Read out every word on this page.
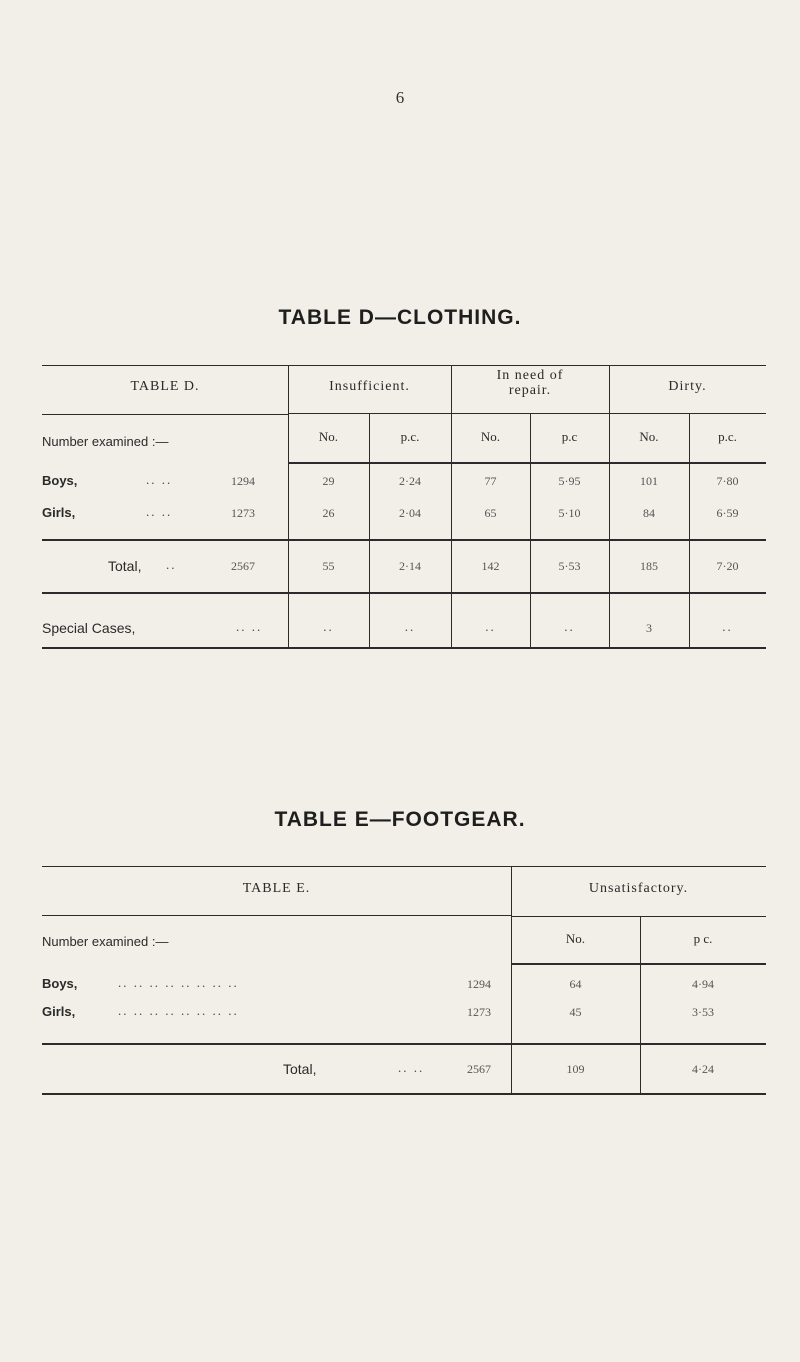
6
TABLE D—CLOTHING.
TABLE D.	Insufficient.
In need of repair.	Dirty.
Number examined :—	No.	p.c.	No.	p.c	No.	p.c.
Boys,	.. ..	1294	29	2·24	77	5·95	101	7·80
Girls,	.. ..	1273	26	2·04	65	5·10	84	6·59
Total, ..	2567	55	2·14	142	5·53	185	7·20
Special Cases,	.. ..	..	..	..	..	3	..
TABLE E—FOOTGEAR.
TABLE E.	Unsatisfactory.
Number examined :—	No.	p c.
Boys,	.. .. .. .. .. .. .. ..	1294	64	4·94
Girls,	.. .. .. .. .. .. .. ..	1273	45	3·53
Total,	.. ..	2567	109	4·24
